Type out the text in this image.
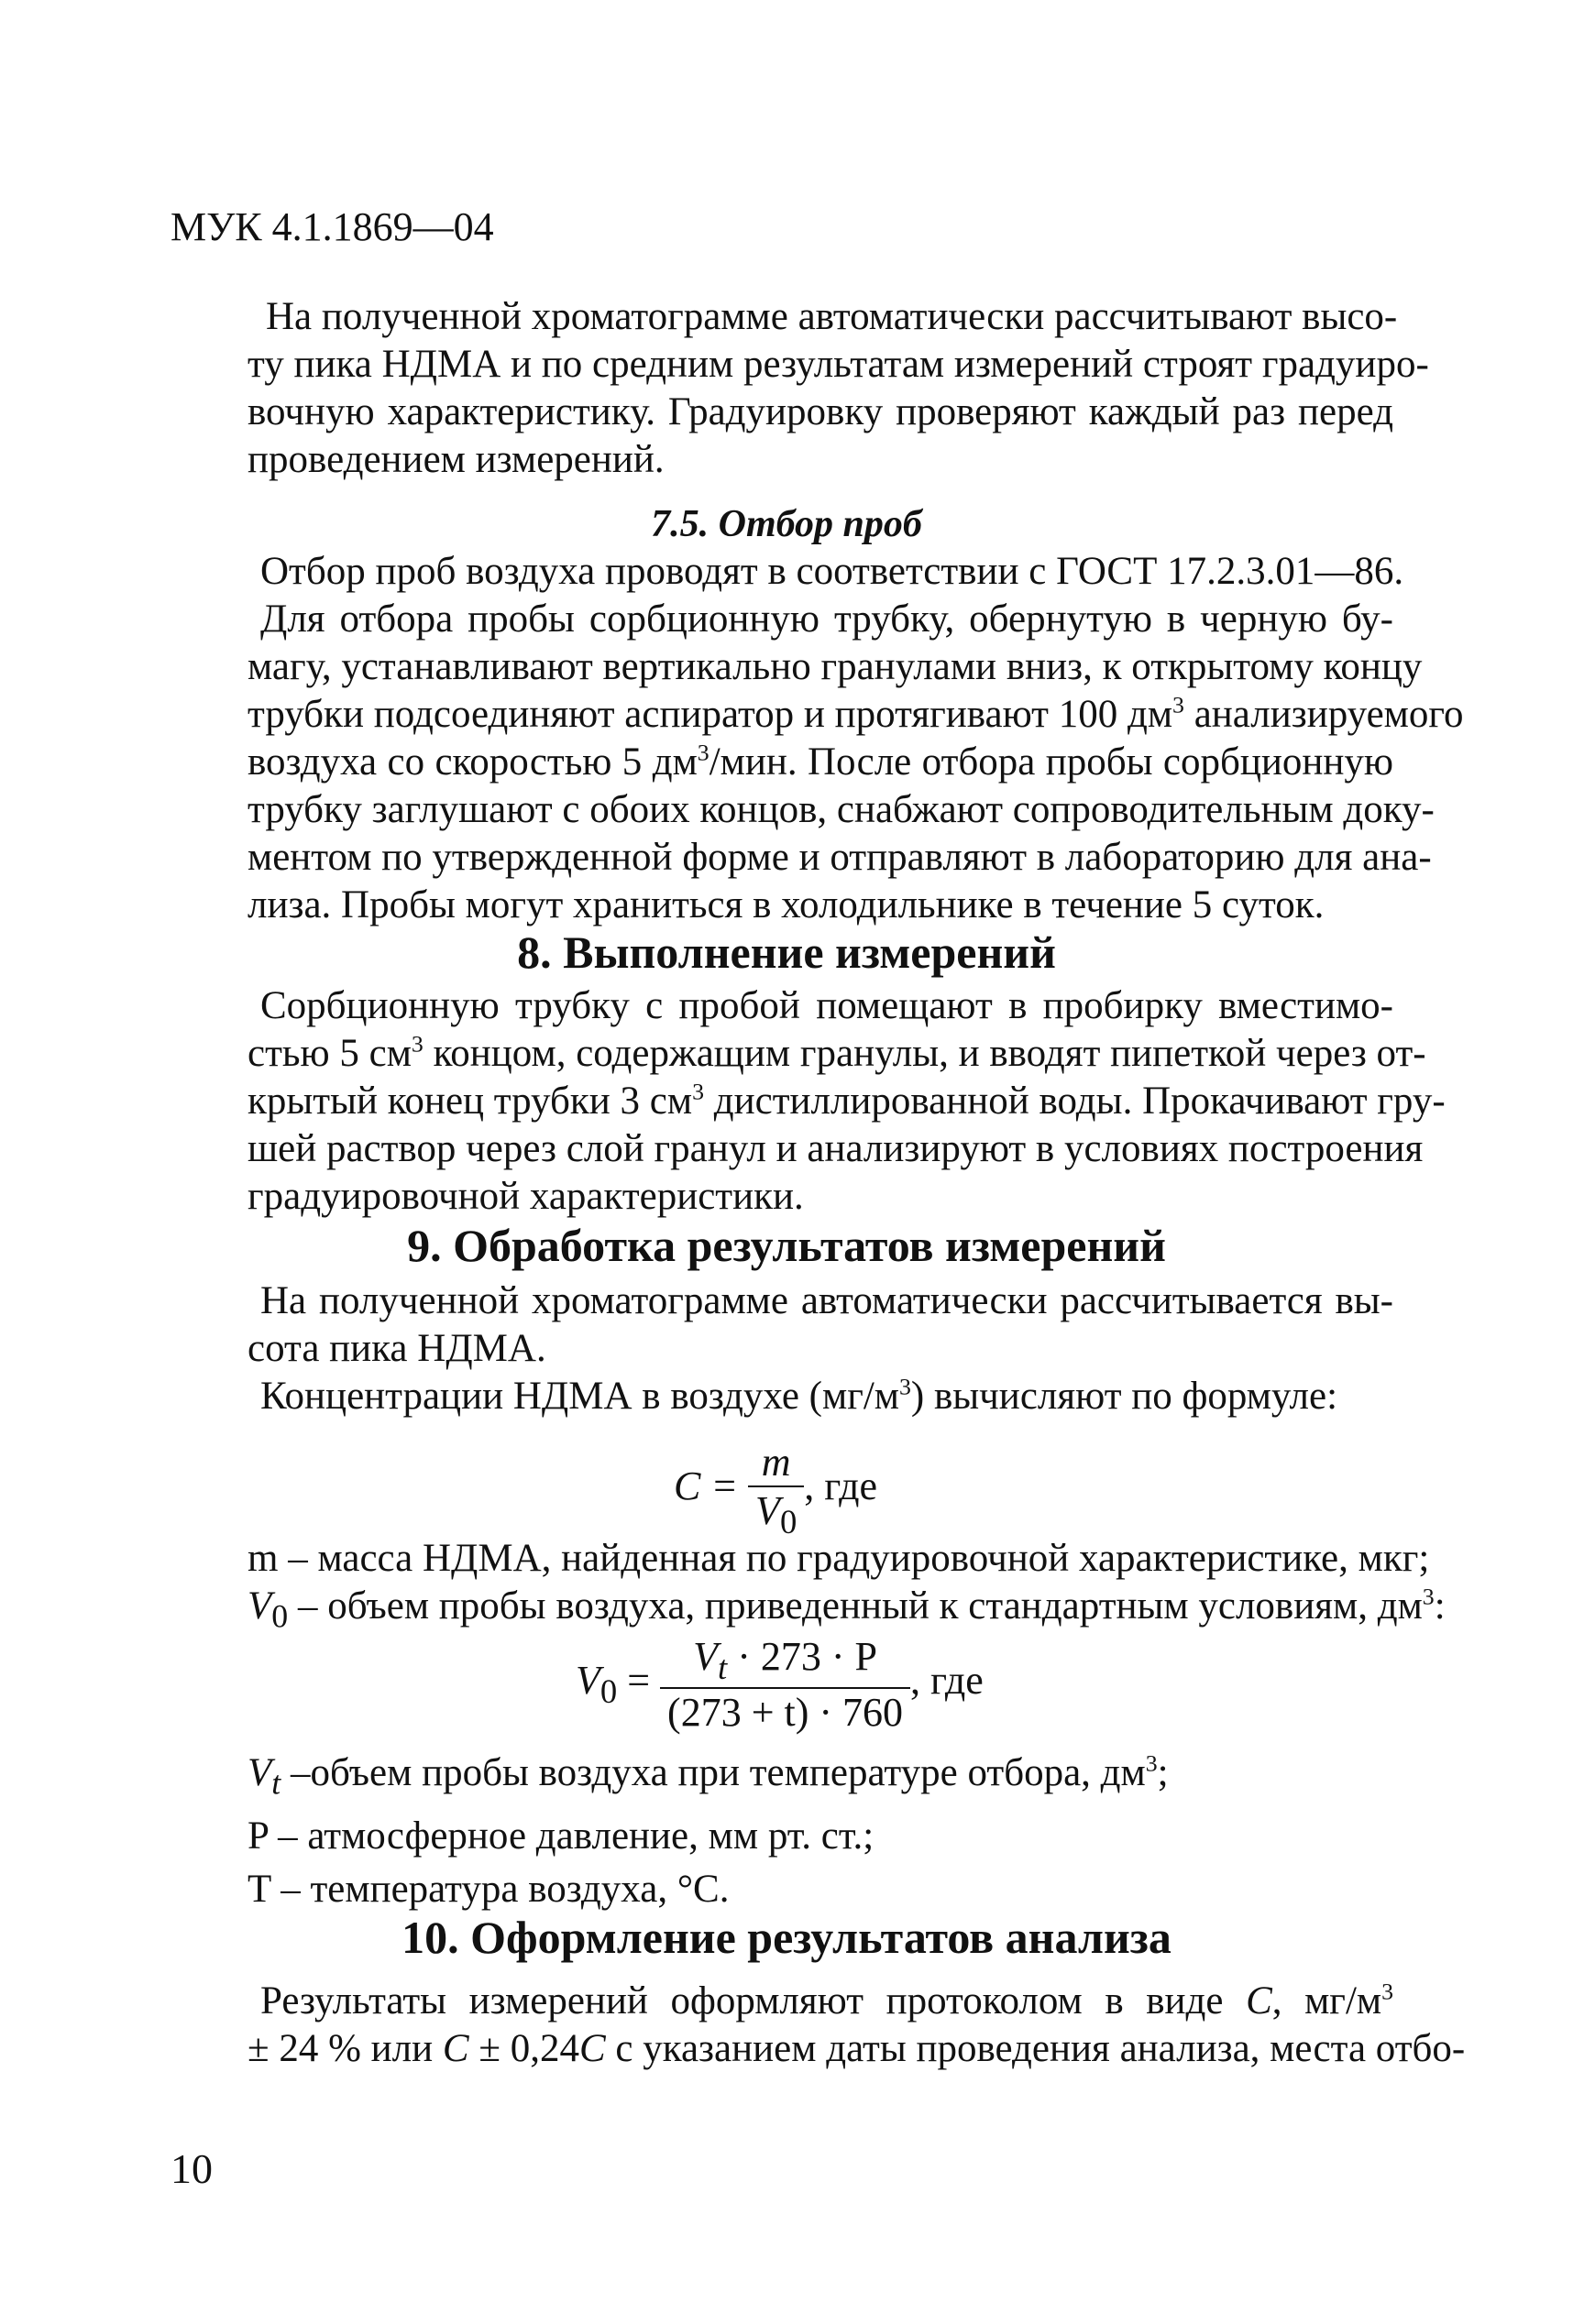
МУК 4.1.1869—04
На полученной хроматограмме автоматически рассчитывают высо-
ту пика НДМА и по средним результатам измерений строят градуиро-
вочную характеристику. Градуировку проверяют каждый раз перед
проведением измерений.
7.5. Отбор проб
Отбор проб воздуха проводят в соответствии с ГОСТ 17.2.3.01—86.
Для отбора пробы сорбционную трубку, обернутую в черную бу-
магу, устанавливают вертикально гранулами вниз, к открытому концу
трубки подсоединяют аспиратор и протягивают 100 $дм^3$ анализируемого
воздуха со скоростью 5 $дм^3$/мин. После отбора пробы сорбционную
трубку заглушают с обоих концов, снабжают сопроводительным доку-
ментом по утвержденной форме и отправляют в лабораторию для ана-
лиза. Пробы могут храниться в холодильнике в течение 5 суток.
8. Выполнение измерений
Сорбционную трубку с пробой помещают в пробирку вместимо-
стью 5 $см^3$ концом, содержащим гранулы, и вводят пипеткой через от-
крытый конец трубки 3 $см^3$ дистиллированной воды. Прокачивают гру-
шей раствор через слой гранул и анализируют в условиях построения
градуировочной характеристики.
9. Обработка результатов измерений
На полученной хроматограмме автоматически рассчитывается вы-
сота пика НДМА.
Концентрации НДМА в воздухе $(мг/м^3)$ вычисляют по формуле:
$C = \frac{m}{V_0}$ , где
m – масса НДМА, найденная по градуировочной характеристике, мкг;
$V_0$ – объем пробы воздуха, приведенный к стандартным условиям, $дм^3$:
$V_0 = \frac{V_t \cdot 273 \cdot P}{(273 + t) \cdot 760}$ , где
$V_t$ –объем пробы воздуха при температуре отбора, $дм^3$;
P – атмосферное давление, мм рт. ст.;
T – температура воздуха, °С.
10. Оформление результатов анализа
Результаты измерений оформляют протоколом в виде C, $мг/м^3$
± 24 % или C ± 0,24C с указанием даты проведения анализа, места отбо-
10
